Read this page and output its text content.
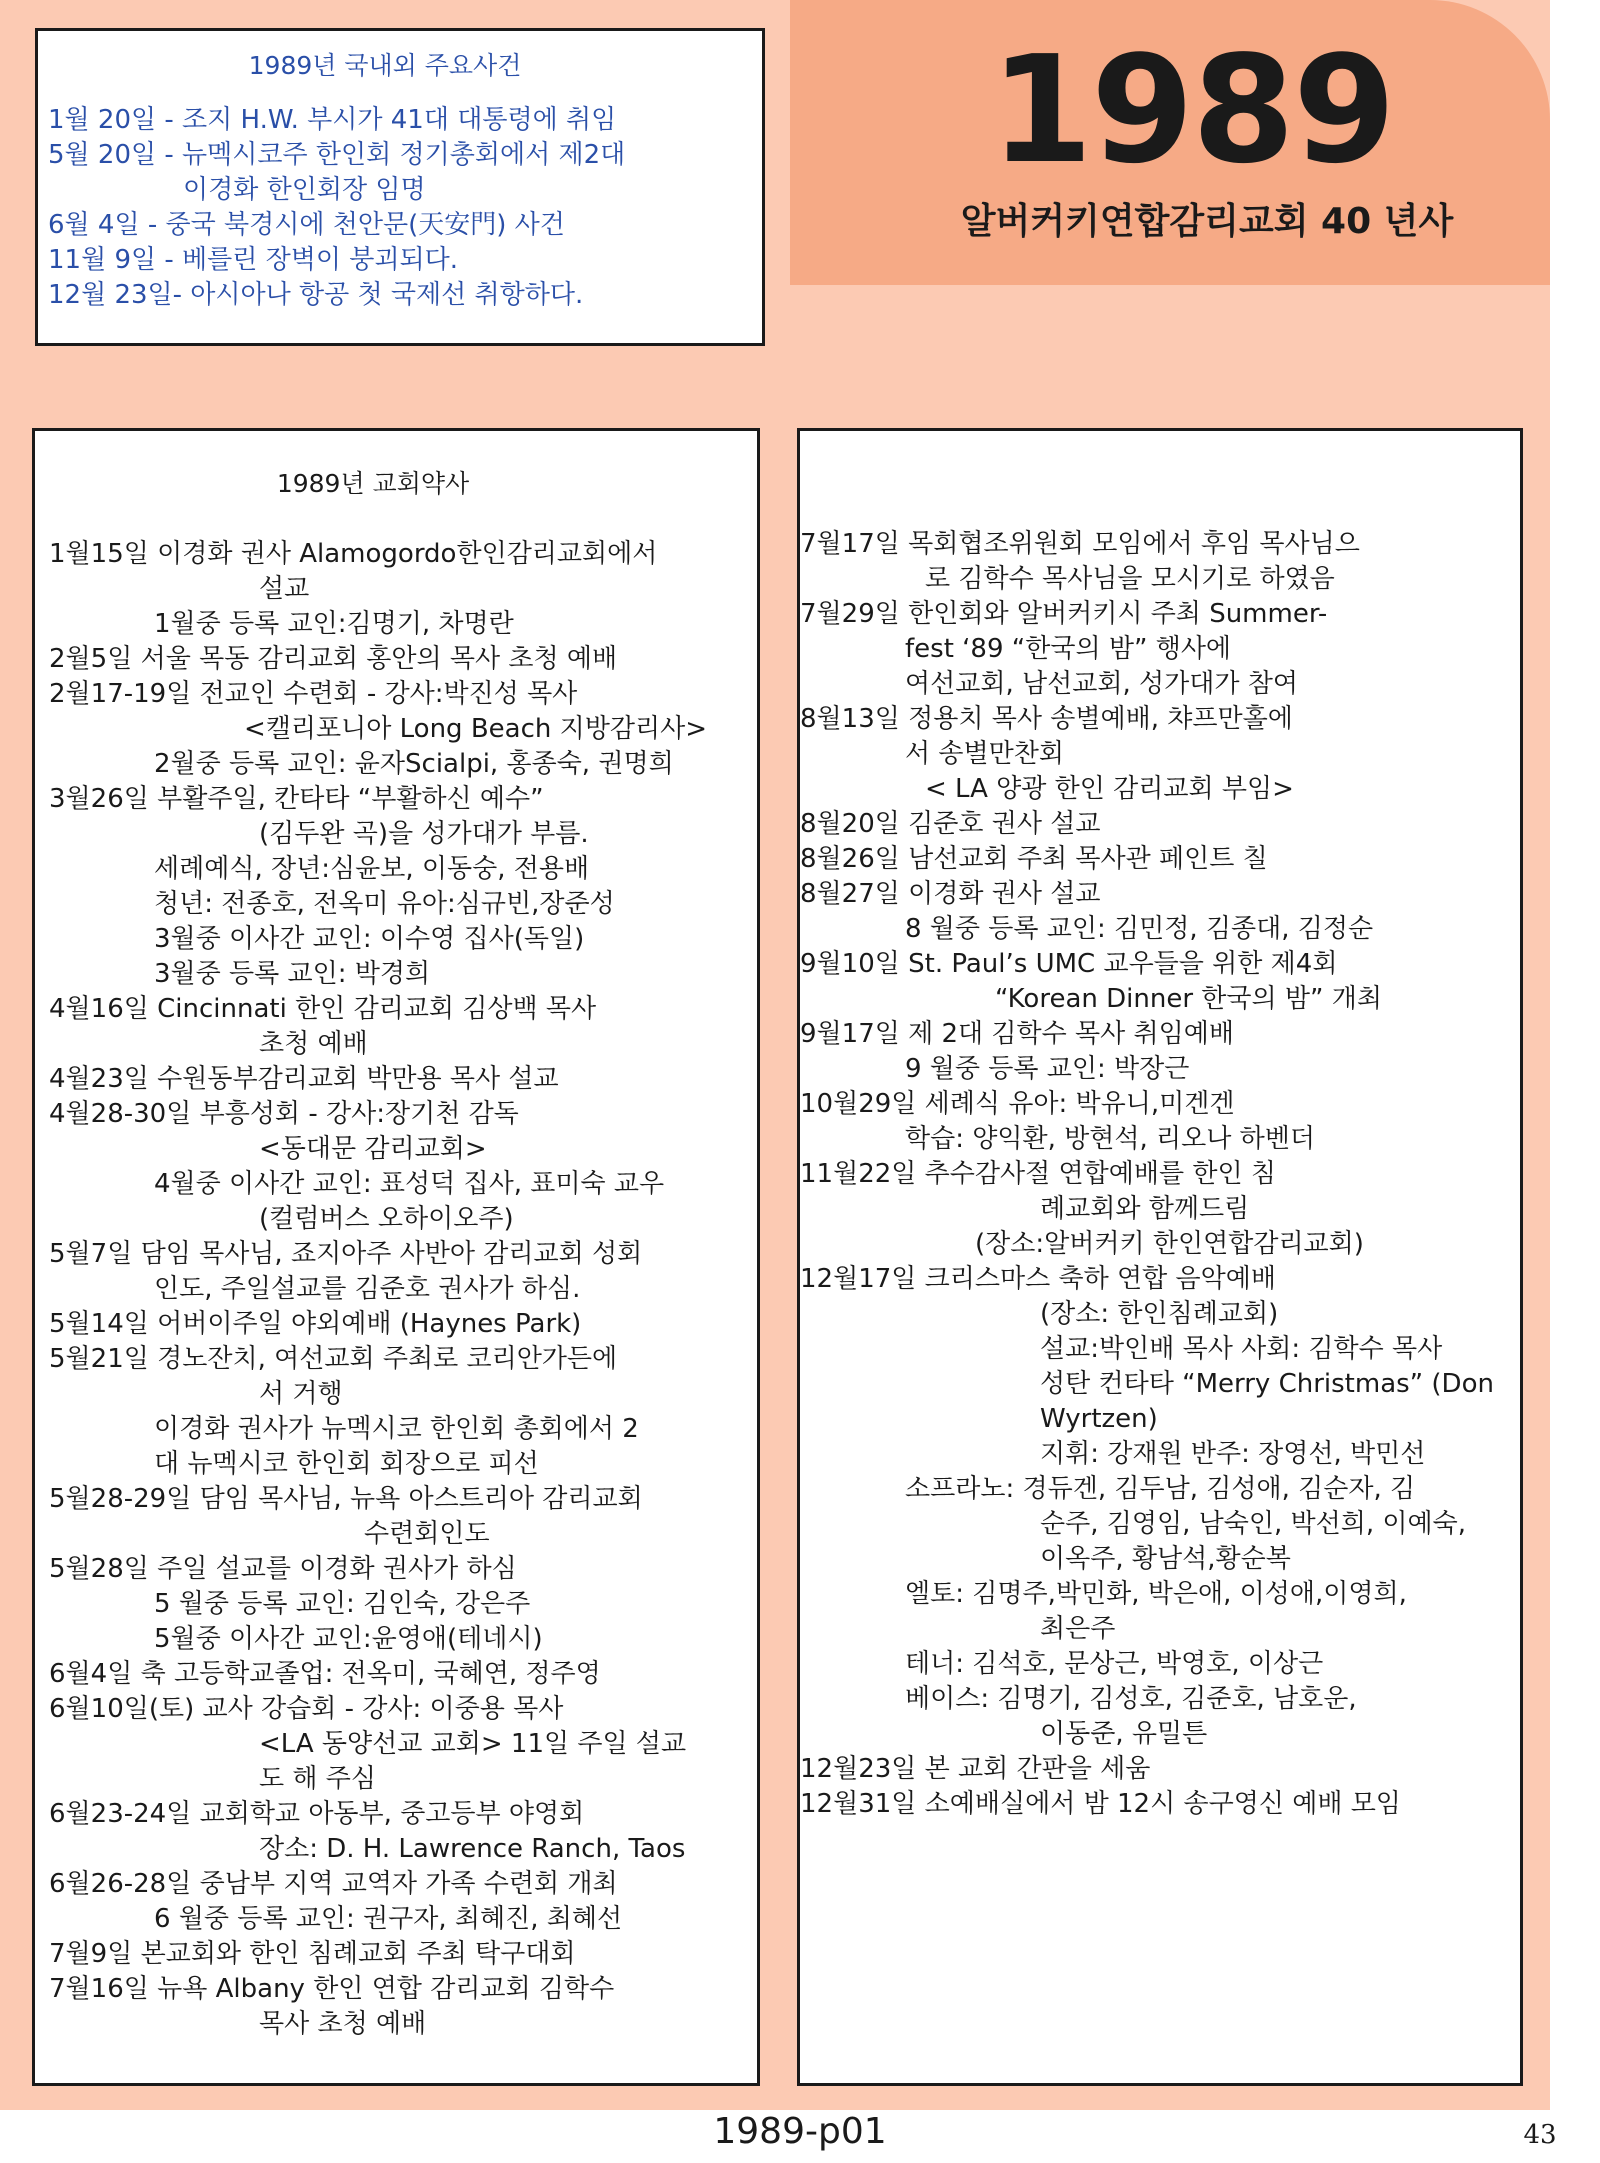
1989
알버커키연합감리교회 40 년사
1989년 국내외 주요사건
1월 20일 - 조지 H.W. 부시가 41대 대통령에 취임
5월 20일 - 뉴멕시코주 한인회 정기총회에서 제2대
이경화 한인회장 임명
6월 4일 - 중국 북경시에 천안문(天安門) 사건
11월 9일 - 베를린 장벽이 붕괴되다.
12월 23일- 아시아나 항공 첫 국제선 취항하다.
1989년 교회약사
1월15일 이경화 권사 Alamogordo한인감리교회에서
설교
1월중 등록 교인:김명기, 차명란
2월5일 서울 목동 감리교회 홍안의 목사 초청 예배
2월17-19일 전교인 수련회 - 강사:박진성 목사
<캘리포니아 Long Beach 지방감리사>
2월중 등록 교인: 윤자Scialpi, 홍종숙, 권명희
3월26일 부활주일, 칸타타 “부활하신 예수”
(김두완 곡)을 성가대가 부름.
세례예식, 장년:심윤보, 이동숭, 전용배
청년: 전종호, 전옥미 유아:심규빈,장준성
3월중 이사간 교인: 이수영 집사(독일)
3월중 등록 교인: 박경희
4월16일 Cincinnati 한인 감리교회 김상백 목사
초청 예배
4월23일 수원동부감리교회 박만용 목사 설교
4월28-30일 부흥성회 - 강사:장기천 감독
<동대문 감리교회>
4월중 이사간 교인: 표성덕 집사, 표미숙 교우
(컬럼버스 오하이오주)
5월7일 담임 목사님, 죠지아주 사반아 감리교회 성회
인도, 주일설교를 김준호 권사가 하심.
5월14일 어버이주일 야외예배 (Haynes Park)
5월21일 경노잔치, 여선교회 주최로 코리안가든에
서 거행
이경화 권사가 뉴멕시코 한인회 총회에서 2
대 뉴멕시코 한인회 회장으로 피선
5월28-29일 담임 목사님, 뉴욕 아스트리아 감리교회
수련회인도
5월28일 주일 설교를 이경화 권사가 하심
5 월중 등록 교인: 김인숙, 강은주
5월중 이사간 교인:윤영애(테네시)
6월4일 축 고등학교졸업: 전옥미, 국혜연, 정주영
6월10일(토) 교사 강습회 - 강사: 이중용 목사
<LA 동양선교 교회> 11일 주일 설교
도 해 주심
6월23-24일 교회학교 아동부, 중고등부 야영회
장소: D. H. Lawrence Ranch, Taos
6월26-28일 중남부 지역 교역자 가족 수련회 개최
6 월중 등록 교인: 권구자, 최혜진, 최혜선
7월9일 본교회와 한인 침례교회 주최 탁구대회
7월16일 뉴욕 Albany 한인 연합 감리교회 김학수
목사 초청 예배
7월17일 목회협조위원회 모임에서 후임 목사님으
로 김학수 목사님을 모시기로 하였음
7월29일 한인회와 알버커키시 주최 Summer-
fest ‘89 “한국의 밤” 행사에
여선교회, 남선교회, 성가대가 참여
8월13일 정용치 목사 송별예배, 챠프만홀에
서 송별만찬회
< LA 양광 한인 감리교회 부임>
8월20일 김준호 권사 설교
8월26일 남선교회 주최 목사관 페인트 칠
8월27일 이경화 권사 설교
8 월중 등록 교인: 김민정, 김종대, 김정순
9월10일 St. Paul’s UMC 교우들을 위한 제4회
“Korean Dinner 한국의 밤” 개최
9월17일 제 2대 김학수 목사 취임예배
9 월중 등록 교인: 박장근
10월29일 세례식 유아: 박유니,미겐겐
학습: 양익환, 방현석, 리오나 하벤더
11월22일 추수감사절 연합예배를 한인 침
례교회와 함께드림
(장소:알버커키 한인연합감리교회)
12월17일 크리스마스 축하 연합 음악예배
(장소: 한인침례교회)
설교:박인배 목사 사회: 김학수 목사
성탄 컨타타 “Merry Christmas” (Don
Wyrtzen)
지휘: 강재원 반주: 장영선, 박민선
소프라노: 경듀겐, 김두남, 김성애, 김순자, 김
순주, 김영임, 남숙인, 박선희, 이예숙,
이옥주, 황남석,황순복
엘토: 김명주,박민화, 박은애, 이성애,이영희,
최은주
테너: 김석호, 문상근, 박영호, 이상근
베이스: 김명기, 김성호, 김준호, 남호운,
이동준, 유밀튼
12월23일 본 교회 간판을 세움
12월31일 소예배실에서 밤 12시 송구영신 예배 모임
1989-p01	43
